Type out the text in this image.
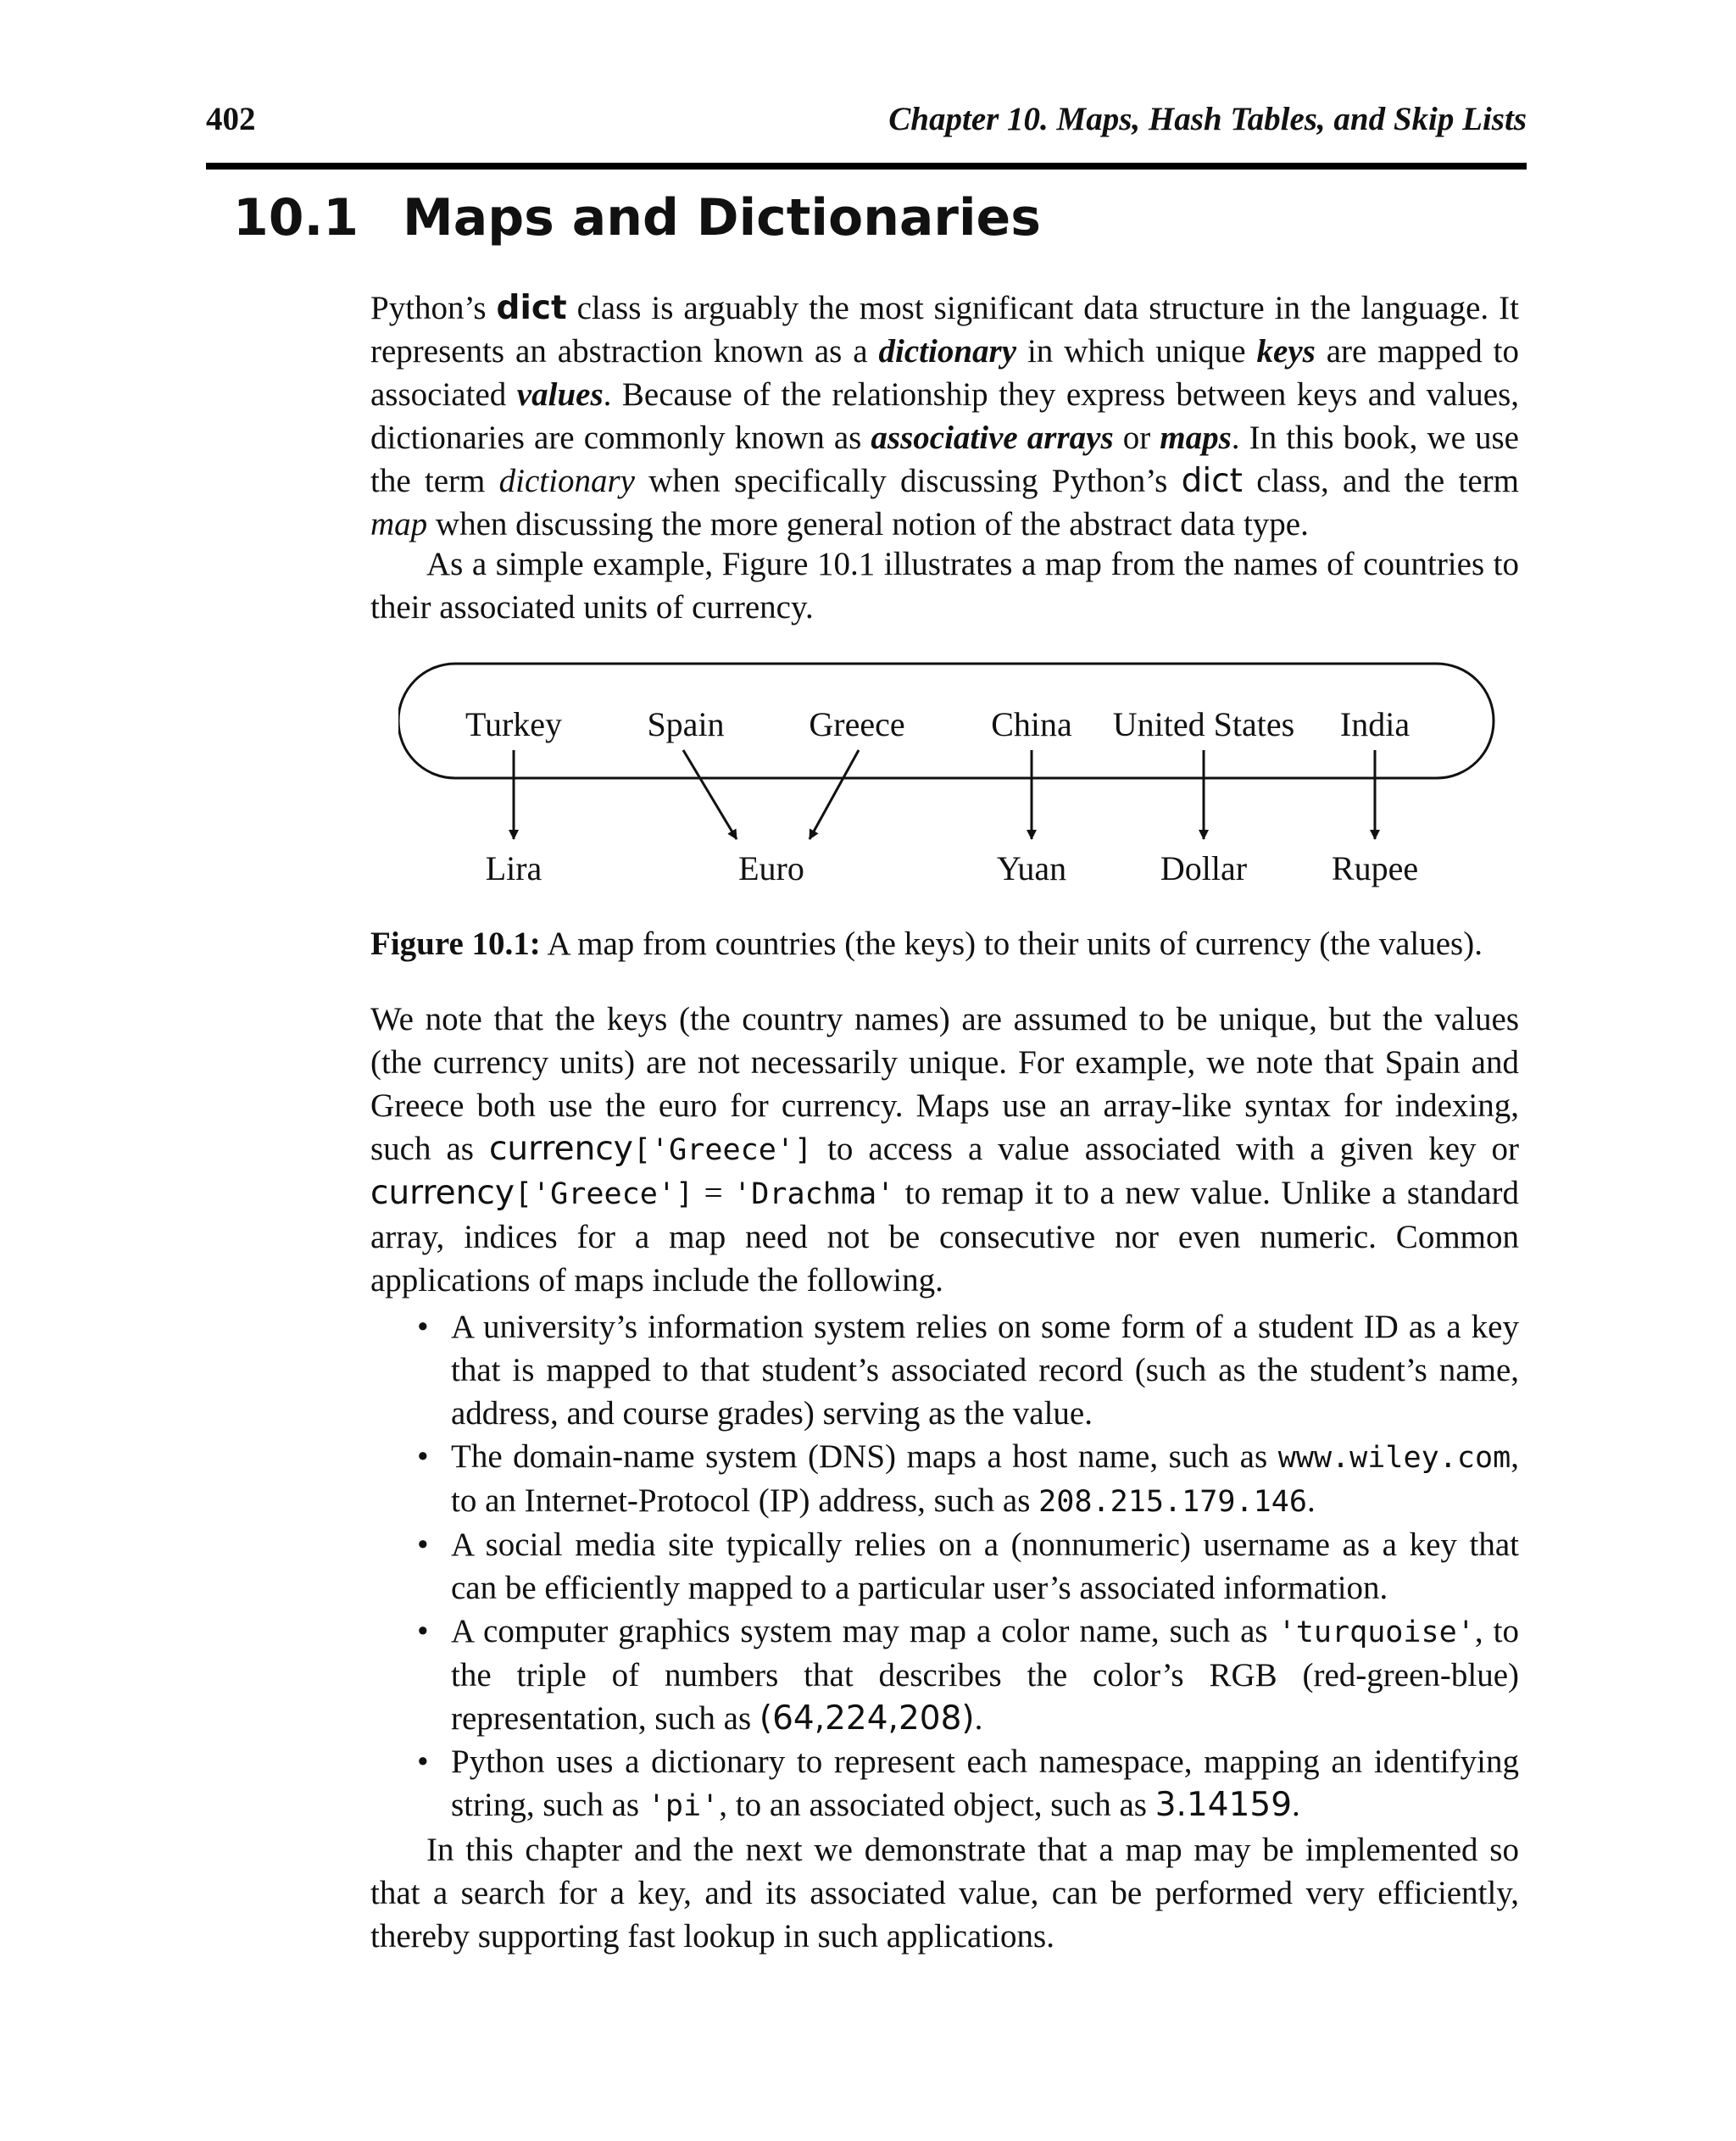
402	Chapter 10. Maps, Hash Tables, and Skip Lists
10.1 Maps and Dictionaries

Python’s dict class is arguably the most significant data structure in the language. It represents an abstraction known as a dictionary in which unique keys are mapped to associated values. Because of the relationship they express between keys and values, dictionaries are commonly known as associative arrays or maps. In this book, we use the term dictionary when specifically discussing Python’s dict class, and the term map when discussing the more general notion of the abstract data type.

As a simple example, Figure 10.1 illustrates a map from the names of countries to their associated units of currency.

Turkey	Spain Greece	China United States India
Lira	Euro	Yuan	Dollar Rupee

Figure 10.1: A map from countries (the keys) to their units of currency (the values).

We note that the keys (the country names) are assumed to be unique, but the values (the currency units) are not necessarily unique. For example, we note that Spain and Greece both use the euro for currency. Maps use an array-like syntax for indexing, such as currency['Greece'] to access a value associated with a given key or currency['Greece'] = 'Drachma' to remap it to a new value. Unlike a standard array, indices for a map need not be consecutive nor even numeric. Common applications of maps include the following.

• A university’s information system relies on some form of a student ID as a key that is mapped to that student’s associated record (such as the student’s name, address, and course grades) serving as the value.
• The domain-name system (DNS) maps a host name, such as www.wiley.com, to an Internet-Protocol (IP) address, such as 208.215.179.146.
• A social media site typically relies on a (nonnumeric) username as a key that can be efficiently mapped to a particular user’s associated information.
• A computer graphics system may map a color name, such as 'turquoise', to the triple of numbers that describes the color’s RGB (red-green-blue) representation, such as (64,224,208).
• Python uses a dictionary to represent each namespace, mapping an identifying string, such as 'pi', to an associated object, such as 3.14159.

In this chapter and the next we demonstrate that a map may be implemented so that a search for a key, and its associated value, can be performed very efficiently, thereby supporting fast lookup in such applications.
